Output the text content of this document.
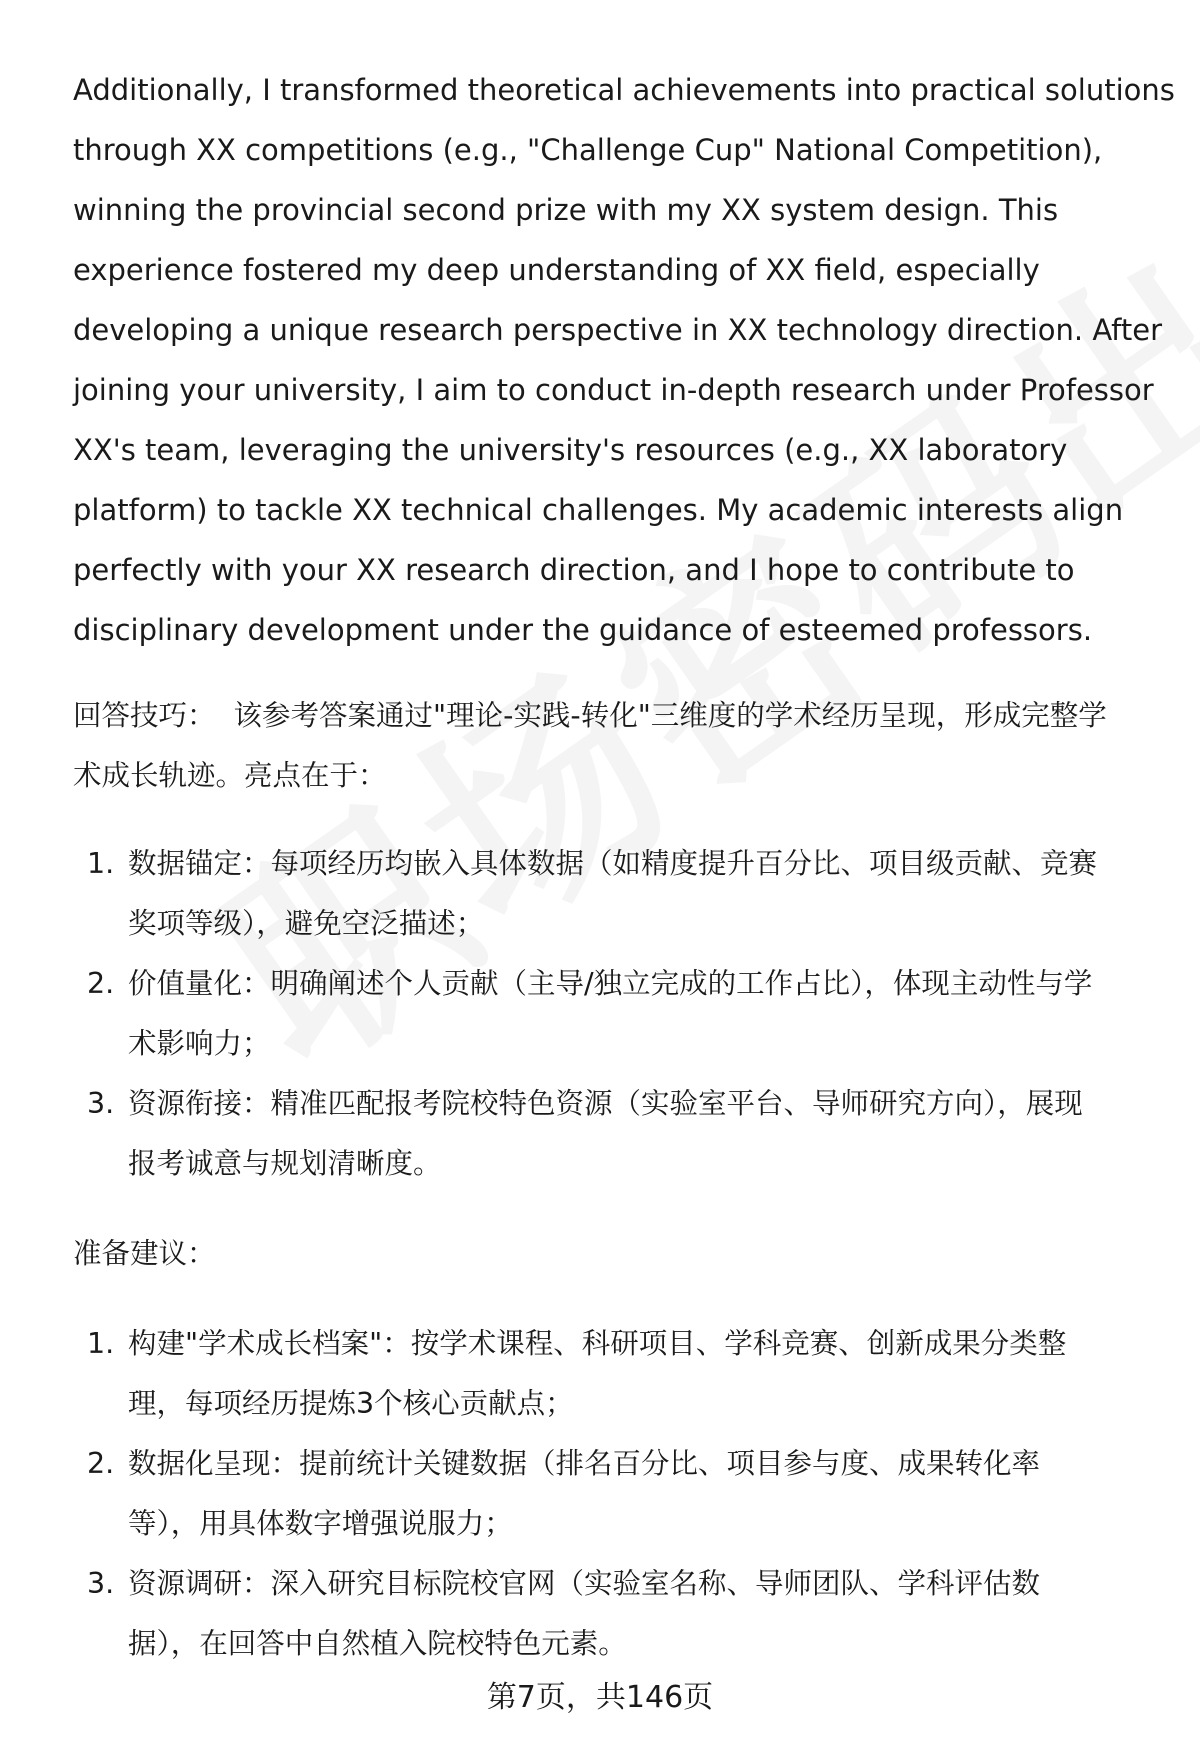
Additionally, I transformed theoretical achievements into practical solutions
through XX competitions (e.g., "Challenge Cup" National Competition),
winning the provincial second prize with my XX system design. This
experience fostered my deep understanding of XX field, especially
developing a unique research perspective in XX technology direction. After
joining your university, I aim to conduct in-depth research under Professor
XX's team, leveraging the university's resources (e.g., XX laboratory
platform) to tackle XX technical challenges. My academic interests align
perfectly with your XX research direction, and I hope to contribute to
disciplinary development under the guidance of esteemed professors.

回答技巧： 该参考答案通过"理论-实践-转化"三维度的学术经历呈现，形成完整学
术成长轨迹。亮点在于：

1. 数据锚定：每项经历均嵌入具体数据（如精度提升百分比、项目级贡献、竞赛
奖项等级），避免空泛描述；
2. 价值量化：明确阐述个人贡献（主导/独立完成的工作占比），体现主动性与学
术影响力；
3. 资源衔接：精准匹配报考院校特色资源（实验室平台、导师研究方向），展现
报考诚意与规划清晰度。

准备建议：

1. 构建"学术成长档案"：按学术课程、科研项目、学科竞赛、创新成果分类整
理，每项经历提炼3个核心贡献点；
2. 数据化呈现：提前统计关键数据（排名百分比、项目参与度、成果转化率
等），用具体数字增强说服力；
3. 资源调研：深入研究目标院校官网（实验室名称、导师团队、学科评估数
据），在回答中自然植入院校特色元素。
第7页，共146页
